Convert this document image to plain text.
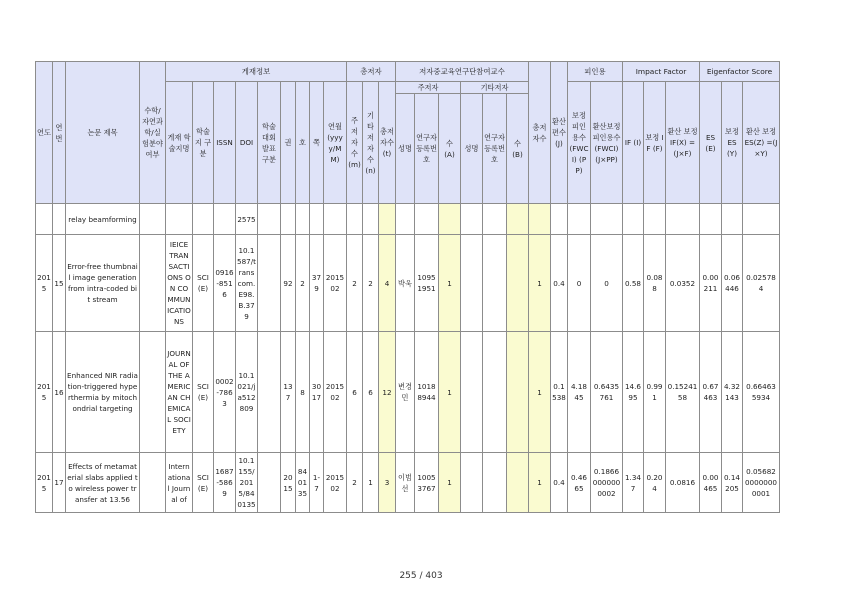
연도	연번	논문 제목	수학/자연과학/실험분야여부	게재정보									총저자			저자중교육연구단참여교수						총저자수	환산 편수 (J)	피인용		Impact Factor			Eigenfactor Score		
				게재 학술지명	학술지 구분	ISSN	DOI	학술대회발표 구분	권	호	쪽	연월 (yyyy/MM)	주저자수 (m)	기타저자수 (n)	총저자수 (t)	주저자			기타저자					보정피인용수 (FWCI) (PP)	환산보정피인용수 (FWCI) (J×PP)	IF (I)	보정 IF (F)	환산 보정 IF(X) = (J×F)	ES (E)	보정 ES (Y)	환산 보정 ES(Z) =(J×Y)
																성명	연구자 등록번호	수 (A)	성명	연구자 등록번호	수 (B)										
		relay beamforming					2575																								
2015	15	Error-free thumbnail image generation from intra-coded bit stream		IEICE TRANSACTIONS ON COMMUNICATIONS	SCI(E)	0916-8516	10.1587/transcom.E98.B.379		92	2	379	201502	2	2	4	박욱	10951951	1				1	0.4	0	0	0.58	0.088	0.0352	0.00211	0.06446	0.025784
2015	16	Enhanced NIR radiation-triggered hyperthermia by mitochondrial targeting		JOURNAL OF THE AMERICAN CHEMICAL SOCIETY	SCI(E)	0002-7863	10.1021/ja512809		137	8	3017	201502	6	6	12	변경민	10188944	1				1	0.1538	4.1845	0.6435761	14.695	0.991	0.1524158	0.67463	4.32143	0.664635934
2015	17	Effects of metamaterial slabs applied to wireless power transfer at 13.56		International Journal of	SCI(E)	1687-5869	10.1155/2015/840135		2015	840135	1-7	201502	2	1	3	이범선	10053767	1				1	0.4	0.4665	0.18660000000002	1.347	0.204	0.0816	0.00465	0.14205	0.0568200000000001
255 / 403
